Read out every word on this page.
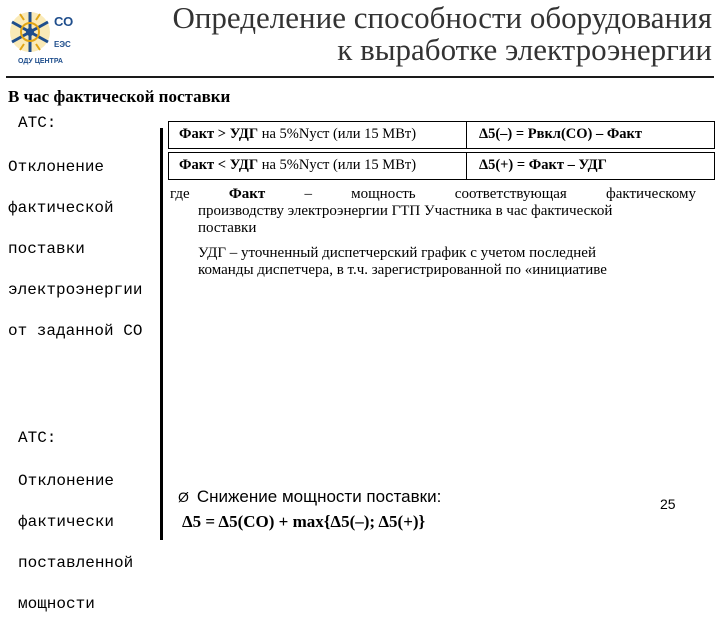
СО
ЕЭС
ОДУ ЦЕНТРА
Определение способности оборудования
к выработке электроэнергии
В час фактической поставки
АТС:

Отклонение

фактической

поставки

электроэнергии

от заданной СО

Факт > УДГ на 5%Nуст (или 15 МВт)	Δ5(–) = Pвкл(СО) – Факт
Факт < УДГ на 5%Nуст (или 15 МВт)	Δ5(+) = Факт – УДГ
где	Факт	–	мощность	соответствующая	фактическому
производству электроэнергии ГТП Участника в час фактической
поставки
УДГ – уточненный диспетчерский график с учетом последней
команды диспетчера, в т.ч. зарегистрированной по «инициативе
АТС:

Отклонение

фактически

поставленной

мощности

Ø Снижение мощности поставки:
Δ5 = Δ5(СО) + max{Δ5(–); Δ5(+)}
25
